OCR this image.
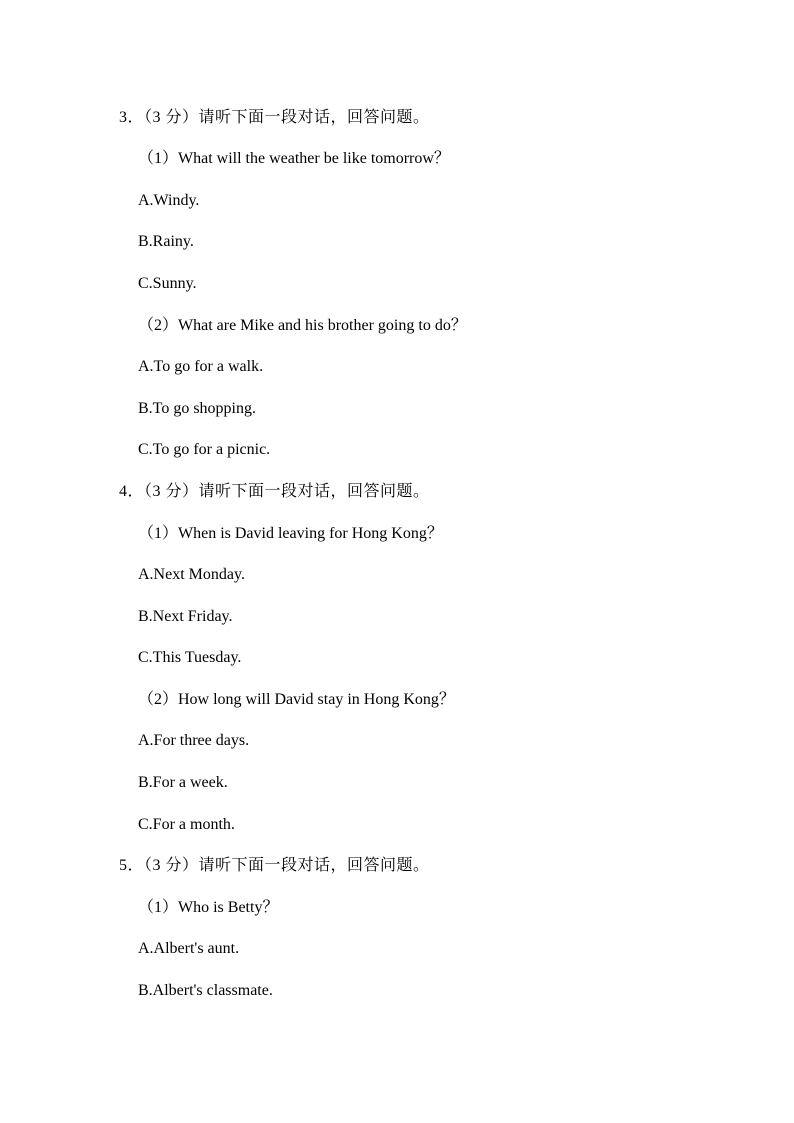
3．（3 分）请听下面一段对话，回答问题。
（1）What will the weather be like tomorrow？
A.Windy.
B.Rainy.
C.Sunny.
（2）What are Mike and his brother going to do？
A.To go for a walk.
B.To go shopping.
C.To go for a picnic.
4．（3 分）请听下面一段对话，回答问题。
（1）When is David leaving for Hong Kong？
A.Next Monday.
B.Next Friday.
C.This Tuesday.
（2）How long will David stay in Hong Kong？
A.For three days.
B.For a week.
C.For a month.
5．（3 分）请听下面一段对话，回答问题。
（1）Who is Betty？
A.Albert's aunt.
B.Albert's classmate.
